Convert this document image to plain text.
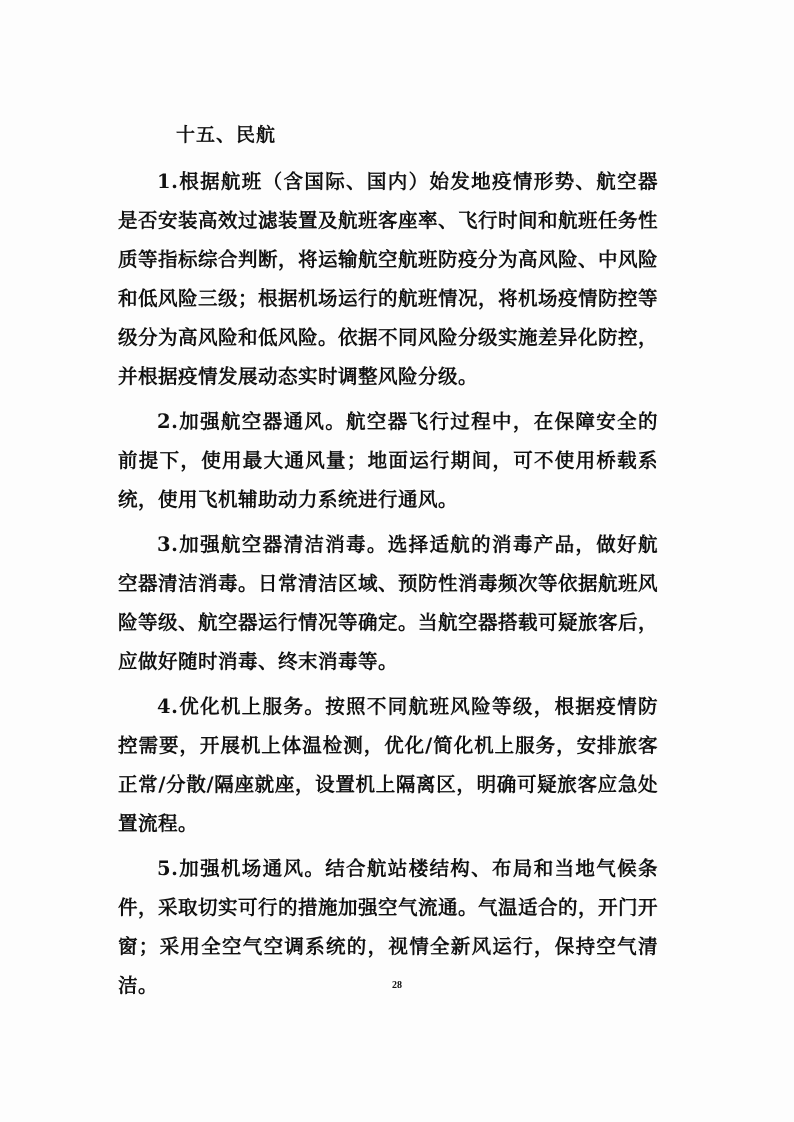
十五、民航

1.根据航班（含国际、国内）始发地疫情形势、航空器是否安装高效过滤装置及航班客座率、飞行时间和航班任务性质等指标综合判断，将运输航空航班防疫分为高风险、中风险和低风险三级；根据机场运行的航班情况，将机场疫情防控等级分为高风险和低风险。依据不同风险分级实施差异化防控，并根据疫情发展动态实时调整风险分级。

2.加强航空器通风。航空器飞行过程中，在保障安全的前提下，使用最大通风量；地面运行期间，可不使用桥载系统，使用飞机辅助动力系统进行通风。

3.加强航空器清洁消毒。选择适航的消毒产品，做好航空器清洁消毒。日常清洁区域、预防性消毒频次等依据航班风险等级、航空器运行情况等确定。当航空器搭载可疑旅客后，应做好随时消毒、终末消毒等。

4.优化机上服务。按照不同航班风险等级，根据疫情防控需要，开展机上体温检测，优化/简化机上服务，安排旅客正常/分散/隔座就座，设置机上隔离区，明确可疑旅客应急处置流程。

5.加强机场通风。结合航站楼结构、布局和当地气候条件，采取切实可行的措施加强空气流通。气温适合的，开门开窗；采用全空气空调系统的，视情全新风运行，保持空气清洁。	28
